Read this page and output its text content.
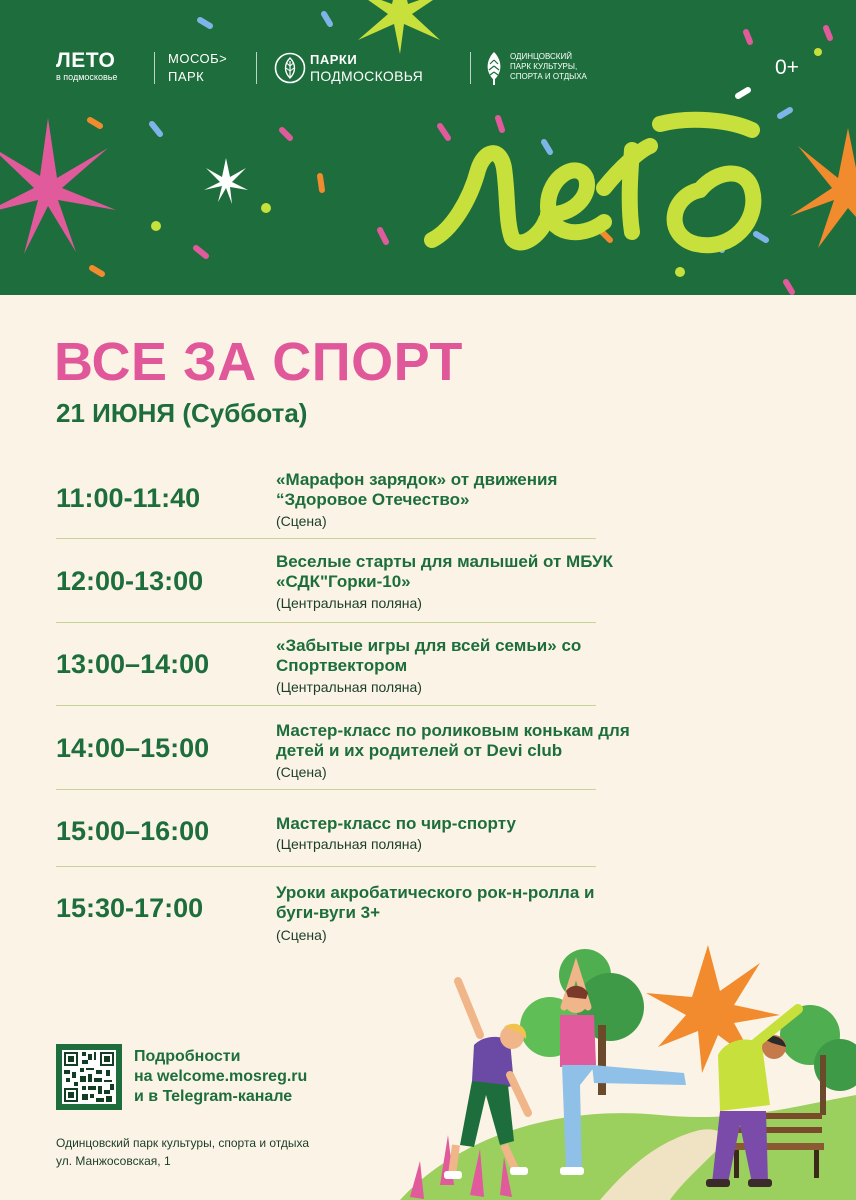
ЛЕТО
в подмосковье
МОСОБ>
ПАРК
ПАРКИ
ПОДМОСКОВЬЯ
ОДИНЦОВСКИЙ
ПАРК КУЛЬТУРЫ,
СПОРТА И ОТДЫХА	0+
ВСЕ ЗА СПОРТ
21 ИЮНЯ (Суббота)
11:00-11:40
«Марафон зарядок» от движения
“Здоровое Отечество»
(Сцена)
12:00-13:00
Веселые старты для малышей от МБУК
«СДК"Горки-10»
(Центральная поляна)
13:00–14:00
«Забытые игры для всей семьи» со
Спортвектором
(Центральная поляна)
14:00–15:00
Мастер-класс по роликовым конькам для
детей и их родителей от Devi club
(Сцена)
15:00–16:00	Мастер-класс по чир-спорту
(Центральная поляна)
15:30-17:00
Уроки акробатического рок-н-ролла и
буги-вуги 3+
(Сцена)
Подробности
на welcome.mosreg.ru
и в Telegram-канале
Одинцовский парк культуры, спорта и отдыха
ул. Манжосовская, 1
